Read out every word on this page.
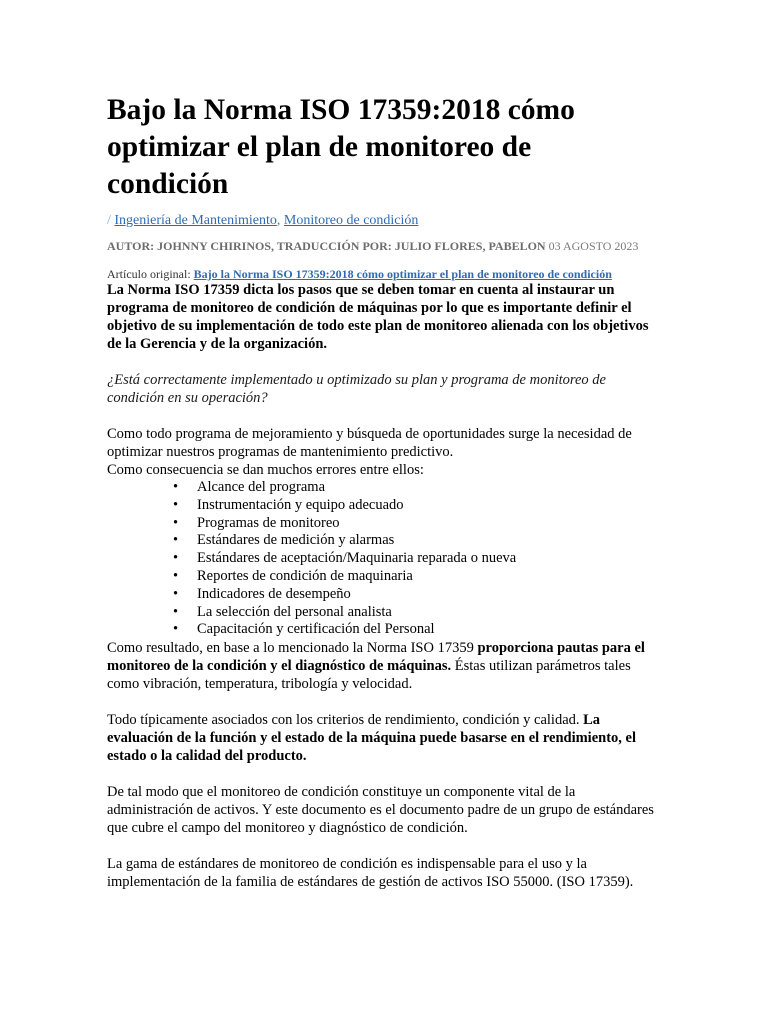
Bajo la Norma ISO 17359:2018 cómo optimizar el plan de monitoreo de condición
/ Ingeniería de Mantenimiento, Monitoreo de condición
AUTOR: JOHNNY CHIRINOS, TRADUCCIÓN POR: JULIO FLORES, PABELON 03 AGOSTO 2023
Artículo original: Bajo la Norma ISO 17359:2018 cómo optimizar el plan de monitoreo de condición

La Norma ISO 17359 dicta los pasos que se deben tomar en cuenta al instaurar un programa de monitoreo de condición de máquinas por lo que es importante definir el objetivo de su implementación de todo este plan de monitoreo alienada con los objetivos de la Gerencia y de la organización.

¿Está correctamente implementado u optimizado su plan y programa de monitoreo de condición en su operación?

Como todo programa de mejoramiento y búsqueda de oportunidades surge la necesidad de optimizar nuestros programas de mantenimiento predictivo.

Como consecuencia se dan muchos errores entre ellos:

• Alcance del programa
• Instrumentación y equipo adecuado
• Programas de monitoreo
• Estándares de medición y alarmas
• Estándares de aceptación/Maquinaria reparada o nueva
• Reportes de condición de maquinaria
• Indicadores de desempeño
• La selección del personal analista
• Capacitación y certificación del Personal

Como resultado, en base a lo mencionado la Norma ISO 17359 proporciona pautas para el monitoreo de la condición y el diagnóstico de máquinas. Éstas utilizan parámetros tales como vibración, temperatura, tribología y velocidad.

Todo típicamente asociados con los criterios de rendimiento, condición y calidad. La evaluación de la función y el estado de la máquina puede basarse en el rendimiento, el estado o la calidad del producto.

De tal modo que el monitoreo de condición constituye un componente vital de la administración de activos. Y este documento es el documento padre de un grupo de estándares que cubre el campo del monitoreo y diagnóstico de condición.

La gama de estándares de monitoreo de condición es indispensable para el uso y la implementación de la familia de estándares de gestión de activos ISO 55000. (ISO 17359).
